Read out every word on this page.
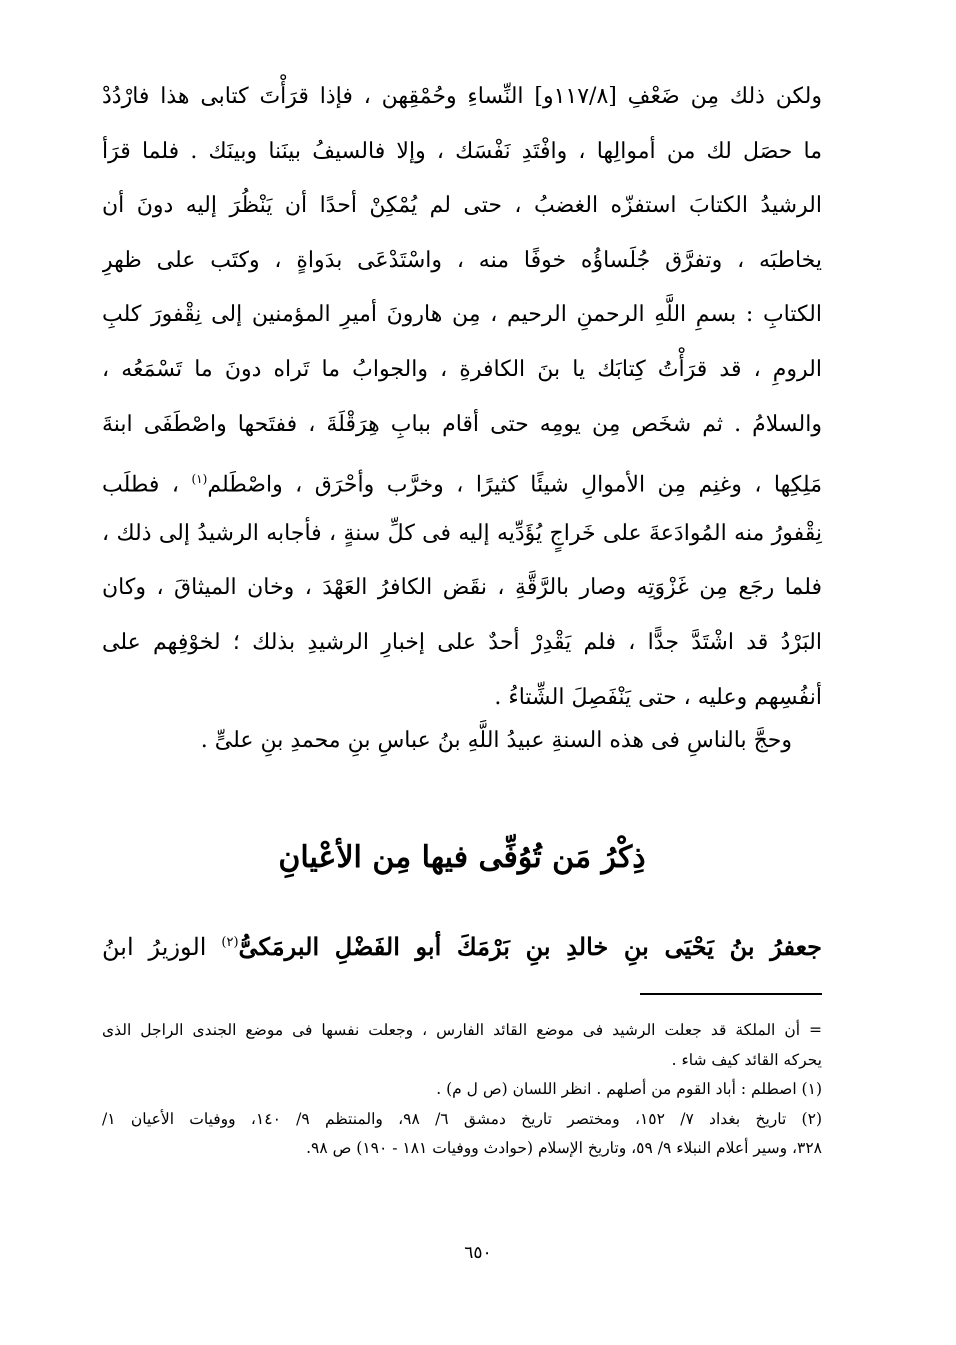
ولكن ذلك مِن ضَعْفِ [١١٧/٨و] النِّساءِ وحُمْقِهن ، فإذا قرَأْتَ كتابى هذا فارْدُدْ
ما حصَل لك من أموالِها ، وافْتَدِ نَفْسَك ، وإلا فالسيفُ بينَنا وبينَك . فلما قرَأ
الرشيدُ الكتابَ استفزّه الغضبُ ، حتى لم يُمْكِنْ أحدًا أن يَنْظُرَ إليه دونَ أن
يخاطبَه ، وتفرَّق جُلَساؤُه خوفًا منه ، واسْتَدْعَى بدَواةٍ ، وكتَب على ظهرِ
الكتابِ : بسمِ اللَّهِ الرحمنِ الرحيم ، مِن هارونَ أميرِ المؤمنين إلى نِقْفورَ كلبِ
الرومِ ، قد قرَأْتُ كِتابَك يا بنَ الكافرةِ ، والجوابُ ما تَراه دونَ ما تَسْمَعُه ،
والسلامُ . ثم شخَص مِن يومِه حتى أقام ببابِ هِرَقْلَةَ ، ففتَحها واصْطَفَى ابنةَ
مَلِكِها ، وغنِم مِن الأموالِ شيئًا كثيرًا ، وخرَّب وأحْرَق ، واصْطَلم$^{(١)}$ ، فطلَب
نِقْفورُ منه المُوادَعةَ على خَراجٍ يُؤَدِّيه إليه فى كلِّ سنةٍ ، فأجابه الرشيدُ إلى ذلك ،
فلما رجَع مِن غَزْوَتِه وصار بالرَّقَّةِ ، نقَض الكافرُ العَهْدَ ، وخان الميثاقَ ، وكان
البَرْدُ قد اشْتَدَّ جدًّا ، فلم يَقْدِرْ أحدٌ على إخبارِ الرشيدِ بذلك ؛ لخوْفِهم على
أنفُسِهم وعليه ، حتى يَنْفَصِلَ الشِّتاءُ .
وحجَّ بالناسِ فى هذه السنةِ عبيدُ اللَّهِ بنُ عباسِ بنِ محمدِ بنِ علىٍّ .
ذِكْرُ مَن تُوُفِّى فيها مِن الأعْيانِ
جعفرُ بنُ يَحْيَى بنِ خالدِ بنِ بَرْمَكَ أبو الفَضْلِ البرمَكىُّ$^{(٢)}$ الوزيرُ ابنُ
= أن الملكة قد جعلت الرشيد فى موضع القائد الفارس ، وجعلت نفسها فى موضع الجندى الراجل الذى
يحركه القائد كيف شاء .
(١) اصطلم : أباد القوم من أصلهم . انظر اللسان (ص ل م) .
(٢) تاريخ بغداد ٧/ ١٥٢، ومختصر تاريخ دمشق ٦/ ٩٨، والمنتظم ٩/ ١٤٠، ووفيات الأعيان ١/
٣٢٨، وسير أعلام النبلاء ٩/ ٥٩، وتاريخ الإسلام (حوادث ووفيات ١٨١ - ١٩٠) ص ٩٨.
٦٥٠
